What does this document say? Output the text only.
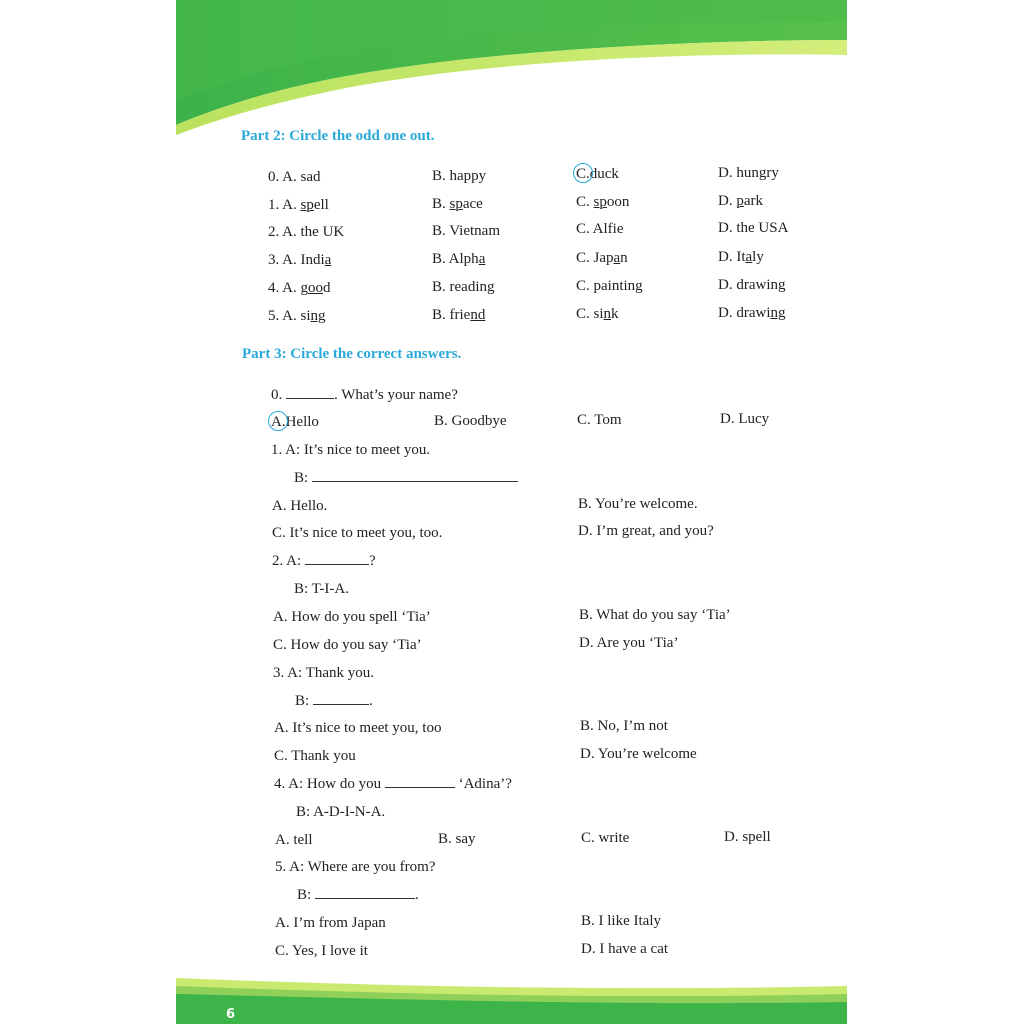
Part 2: Circle the odd one out.
0. A. sad	B. happy	C.duck	D. hungry
1. A. spell	B. space	C. spoon	D. park
2. A. the UK	B. Vietnam	C. Alfie	D. the USA
3. A. India	B. Alpha	C. Japan	D. Italy
4. A. good	B. reading	C. painting	D. drawing
5. A. sing	B. friend	C. sink	D. drawing
Part 3: Circle the correct answers.
0.	. What’s your name?
A.Hello	B. Goodbye	C. Tom	D. Lucy
1. A: It’s nice to meet you.
B:
A. Hello.	B. You’re welcome.
C. It’s nice to meet you, too.	D. I’m great, and you?
2. A:	?
B: T-I-A.
A. How do you spell ‘Tia’	B. What do you say ‘Tia’
C. How do you say ‘Tia’	D. Are you ‘Tia’
3. A: Thank you.
B:	.
A. It’s nice to meet you, too	B. No, I’m not
C. Thank you	D. You’re welcome
4. A: How do you	‘Adina’?
B: A-D-I-N-A.
A. tell	B. say	C. write	D. spell
5. A: Where are you from?
B:	.
A. I’m from Japan	B. I like Italy
C. Yes, I love it	D. I have a cat
6
